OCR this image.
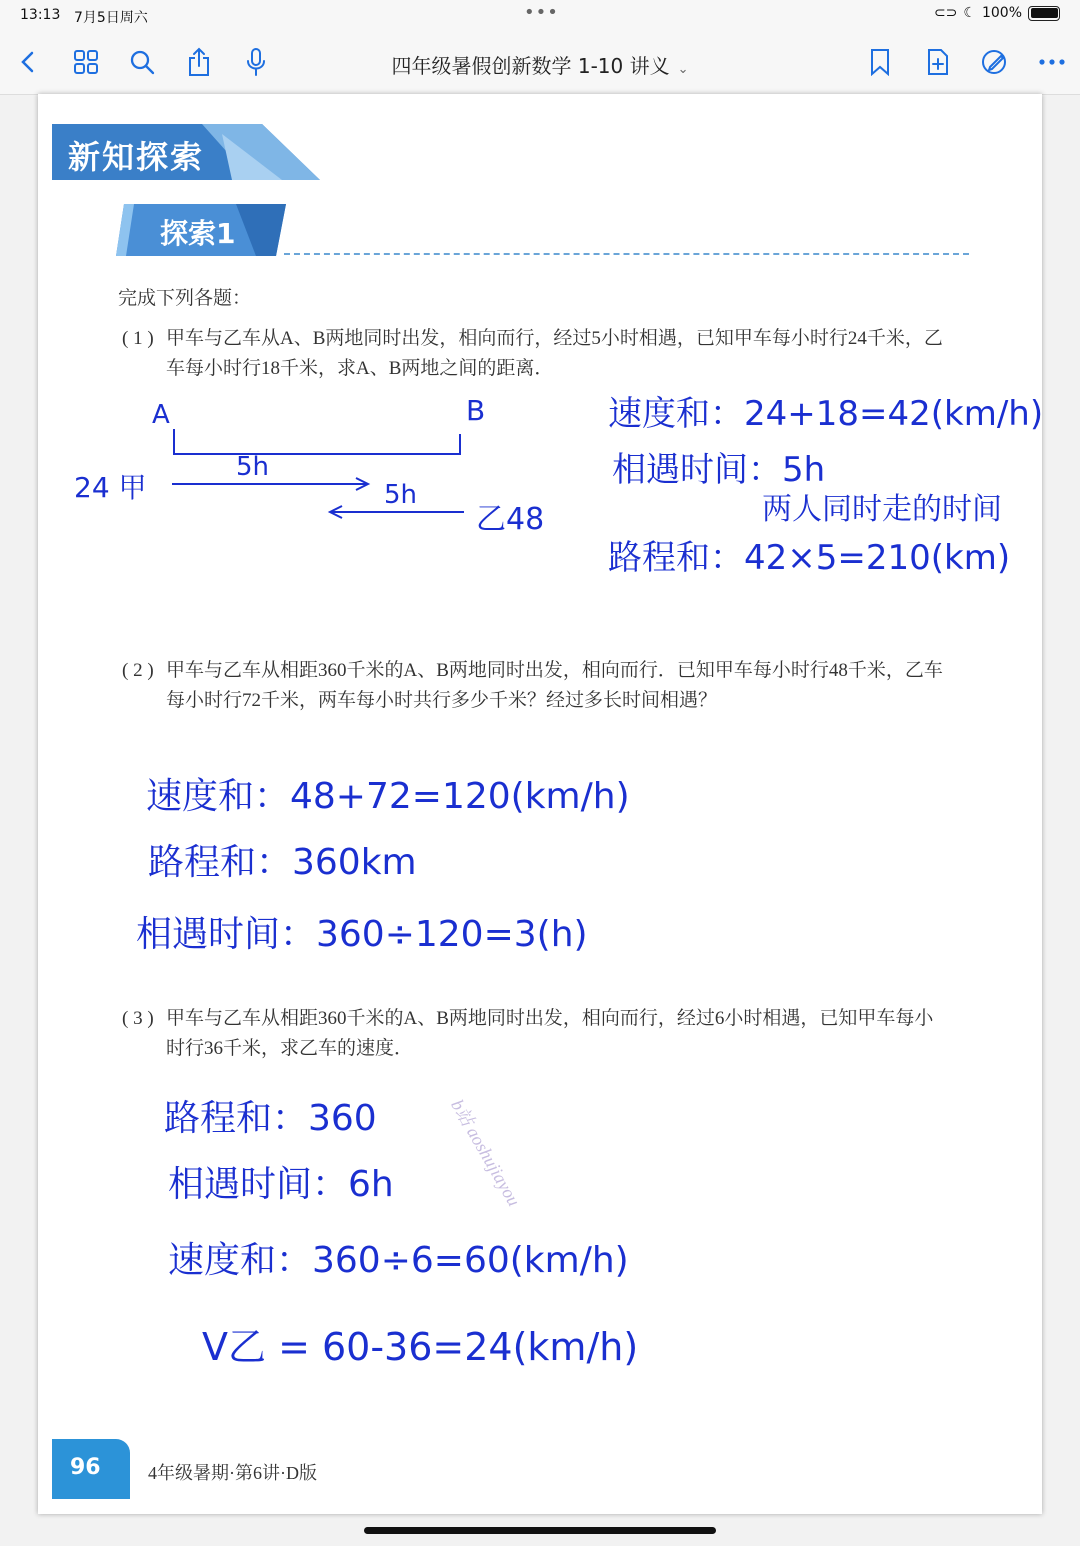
13:13 7月5日周六	•••	⊂⊃ ☾ 100%
四年级暑假创新数学 1-10 讲义 ⌄
新知探索
探索1
完成下列各题：
( 1 ) 甲车与乙车从A、B两地同时出发，相向而行，经过5小时相遇，已知甲车每小时行24千米，乙
车每小时行18千米，求A、B两地之间的距离．
A	B
5h
5h
24 甲
乙48
速度和：24+18=42(km/h)
相遇时间：5h
两人同时走的时间
路程和：42×5=210(km)
( 2 ) 甲车与乙车从相距360千米的A、B两地同时出发，相向而行．已知甲车每小时行48千米，乙车
每小时行72千米，两车每小时共行多少千米？经过多长时间相遇？
速度和：48+72=120(km/h)
路程和：360km
相遇时间：360÷120=3(h)
( 3 ) 甲车与乙车从相距360千米的A、B两地同时出发，相向而行，经过6小时相遇，已知甲车每小
时行36千米，求乙车的速度．
b站 aoshujiayou
路程和：360
相遇时间：6h
速度和：360÷6=60(km/h)
V乙 = 60-36=24(km/h)
96	4年级暑期·第6讲·D版
